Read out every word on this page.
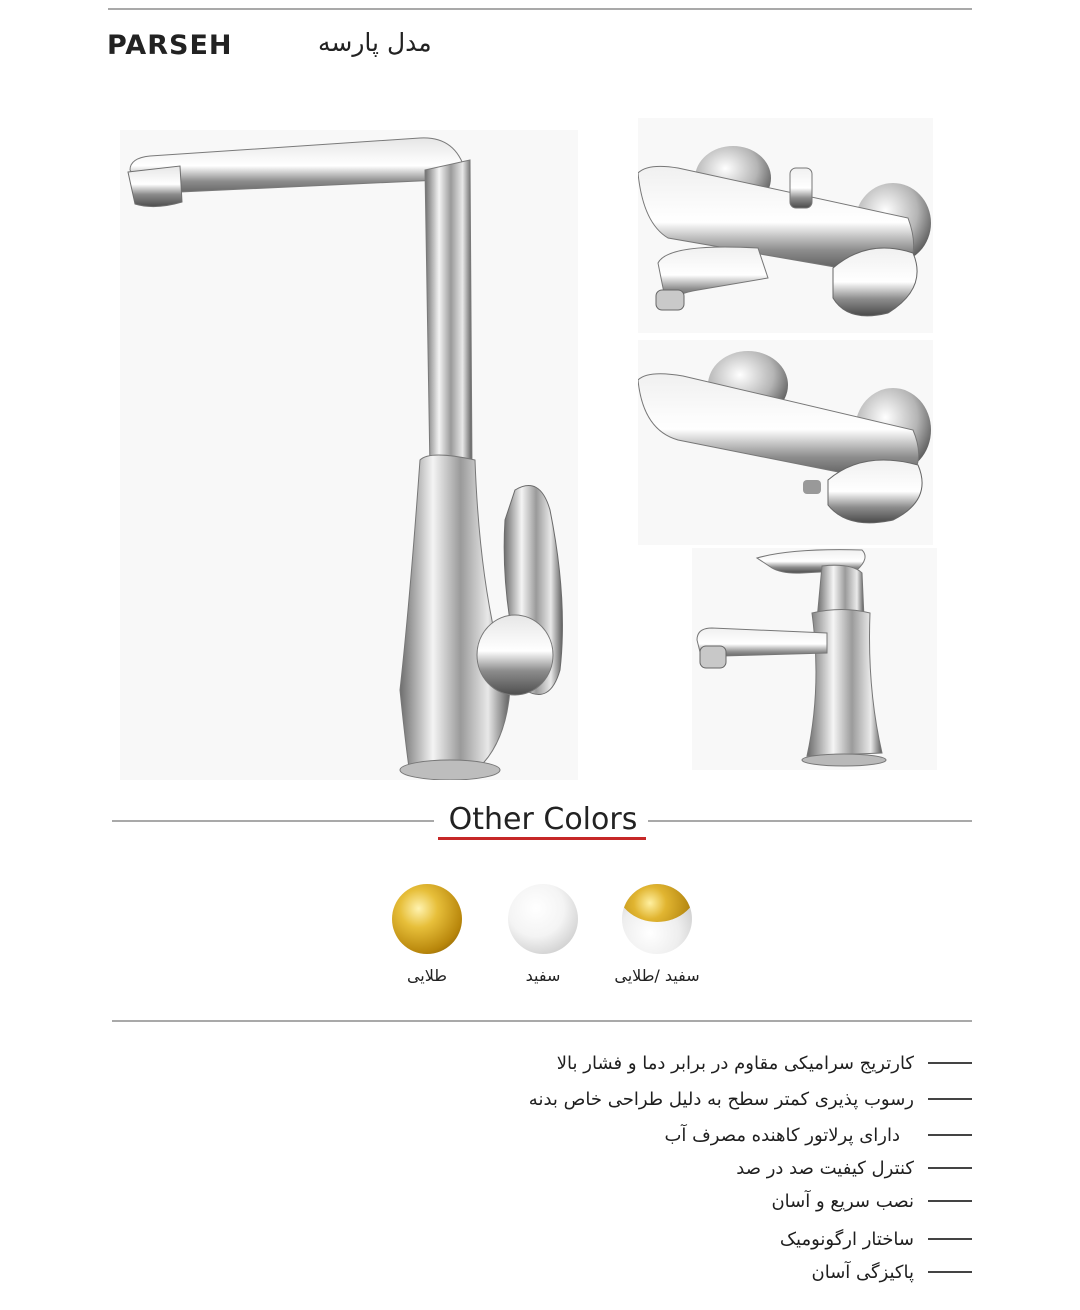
PARSEH	مدل پارسه
Other Colors
طلایی	سفید	سفید /طلایی
کارتریج سرامیکی مقاوم در برابر دما و فشار بالا
رسوب پذیری کمتر سطح به دلیل طراحی خاص بدنه
دارای پرلاتور کاهنده مصرف آب
کنترل کیفیت صد در صد
نصب سریع و آسان
ساختار ارگونومیک
پاکیزگی آسان
